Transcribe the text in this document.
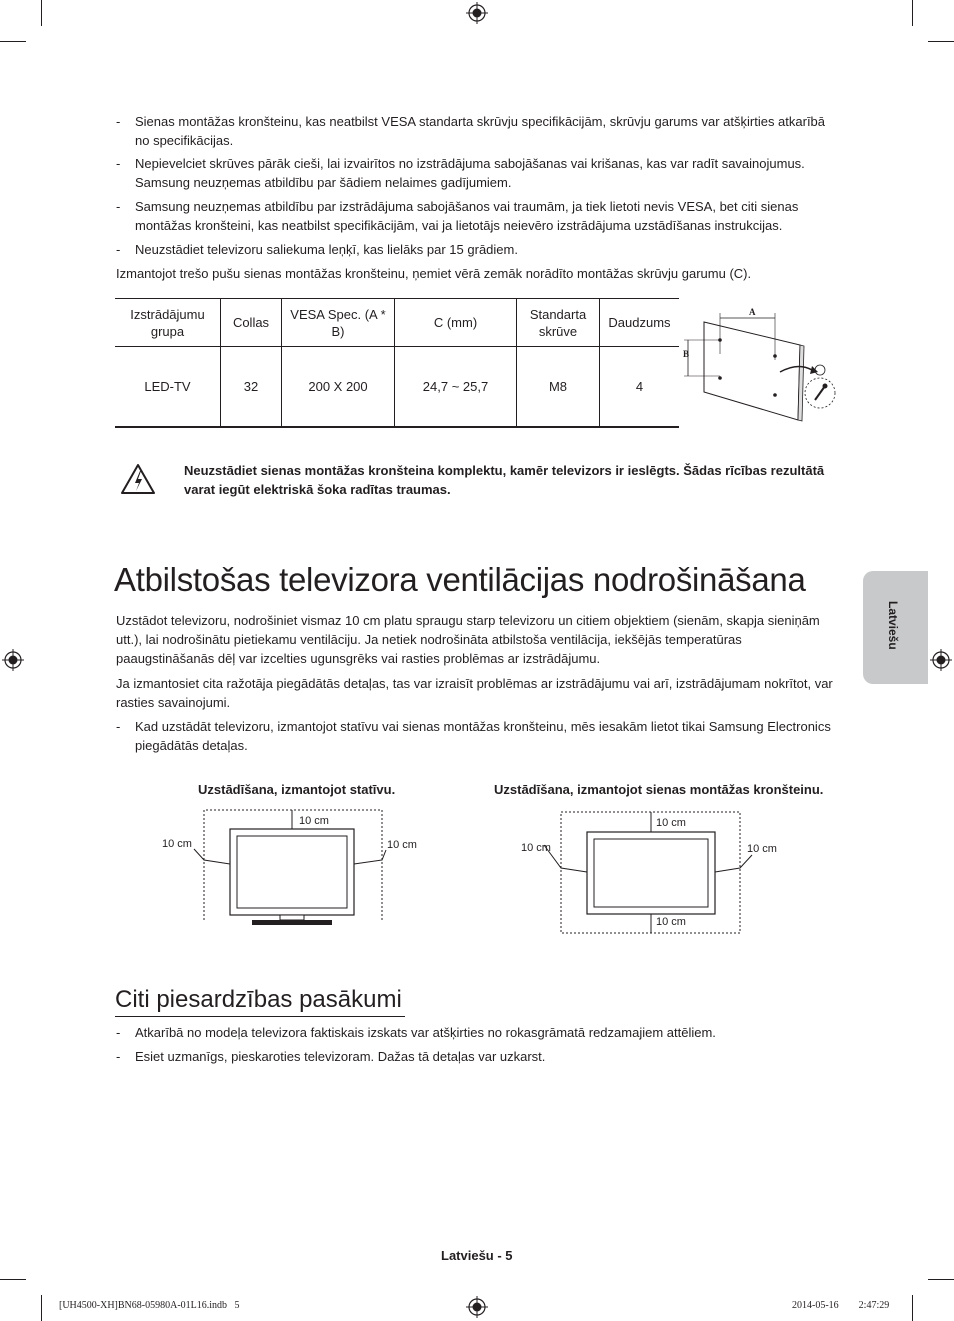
- Sienas montāžas kronšteinu, kas neatbilst VESA standarta skrūvju specifikācijām, skrūvju garums var atšķirties atkarībā no specifikācijas.
- Nepievelciet skrūves pārāk cieši, lai izvairītos no izstrādājuma sabojāšanas vai krišanas, kas var radīt savainojumus. Samsung neuzņemas atbildību par šādiem nelaimes gadījumiem.
- Samsung neuzņemas atbildību par izstrādājuma sabojāšanos vai traumām, ja tiek lietoti nevis VESA, bet citi sienas montāžas kronšteini, kas neatbilst specifikācijām, vai ja lietotājs neievēro izstrādājuma uzstādīšanas instrukcijas.
- Neuzstādiet televizoru saliekuma leņķī, kas lielāks par 15 grādiem.
Izmantojot trešo pušu sienas montāžas kronšteinu, ņemiet vērā zemāk norādīto montāžas skrūvju garumu (C).
Izstrādājumu grupa	Collas	VESA Spec. (A * B)	C (mm)	Standarta skrūve	Daudzums
LED-TV	32	200 X 200	24,7 ~ 25,7	M8	4
A
B
Neuzstādiet sienas montāžas kronšteina komplektu, kamēr televizors ir ieslēgts. Šādas rīcības rezultātā varat iegūt elektriskā šoka radītas traumas.
Atbilstošas televizora ventilācijas nodrošināšana
Uzstādot televizoru, nodrošiniet vismaz 10 cm platu spraugu starp televizoru un citiem objektiem (sienām, skapja sieniņām utt.), lai nodrošinātu pietiekamu ventilāciju. Ja netiek nodrošināta atbilstoša ventilācija, iekšējās temperatūras paaugstināšanās dēļ var izcelties ugunsgrēks vai rasties problēmas ar izstrādājumu.
Ja izmantosiet cita ražotāja piegādātās detaļas, tas var izraisīt problēmas ar izstrādājumu vai arī, izstrādājumam nokrītot, var rasties savainojumi.
- Kad uzstādāt televizoru, izmantojot statīvu vai sienas montāžas kronšteinu, mēs iesakām lietot tikai Samsung Electronics piegādātās detaļas.
Uzstādīšana, izmantojot statīvu.	Uzstādīšana, izmantojot sienas montāžas kronšteinu.
10 cm
10 cm	10 cm
10 cm
10 cm	10 cm
10 cm
Citi piesardzības pasākumi
- Atkarībā no modeļa televizora faktiskais izskats var atšķirties no rokasgrāmatā redzamajiem attēliem.
- Esiet uzmanīgs, pieskaroties televizoram. Dažas tā detaļas var uzkarst.
Latviešu
Latviešu - 5
[UH4500-XH]BN68-05980A-01L16.indb   5	2014-05-16     2:47:29
